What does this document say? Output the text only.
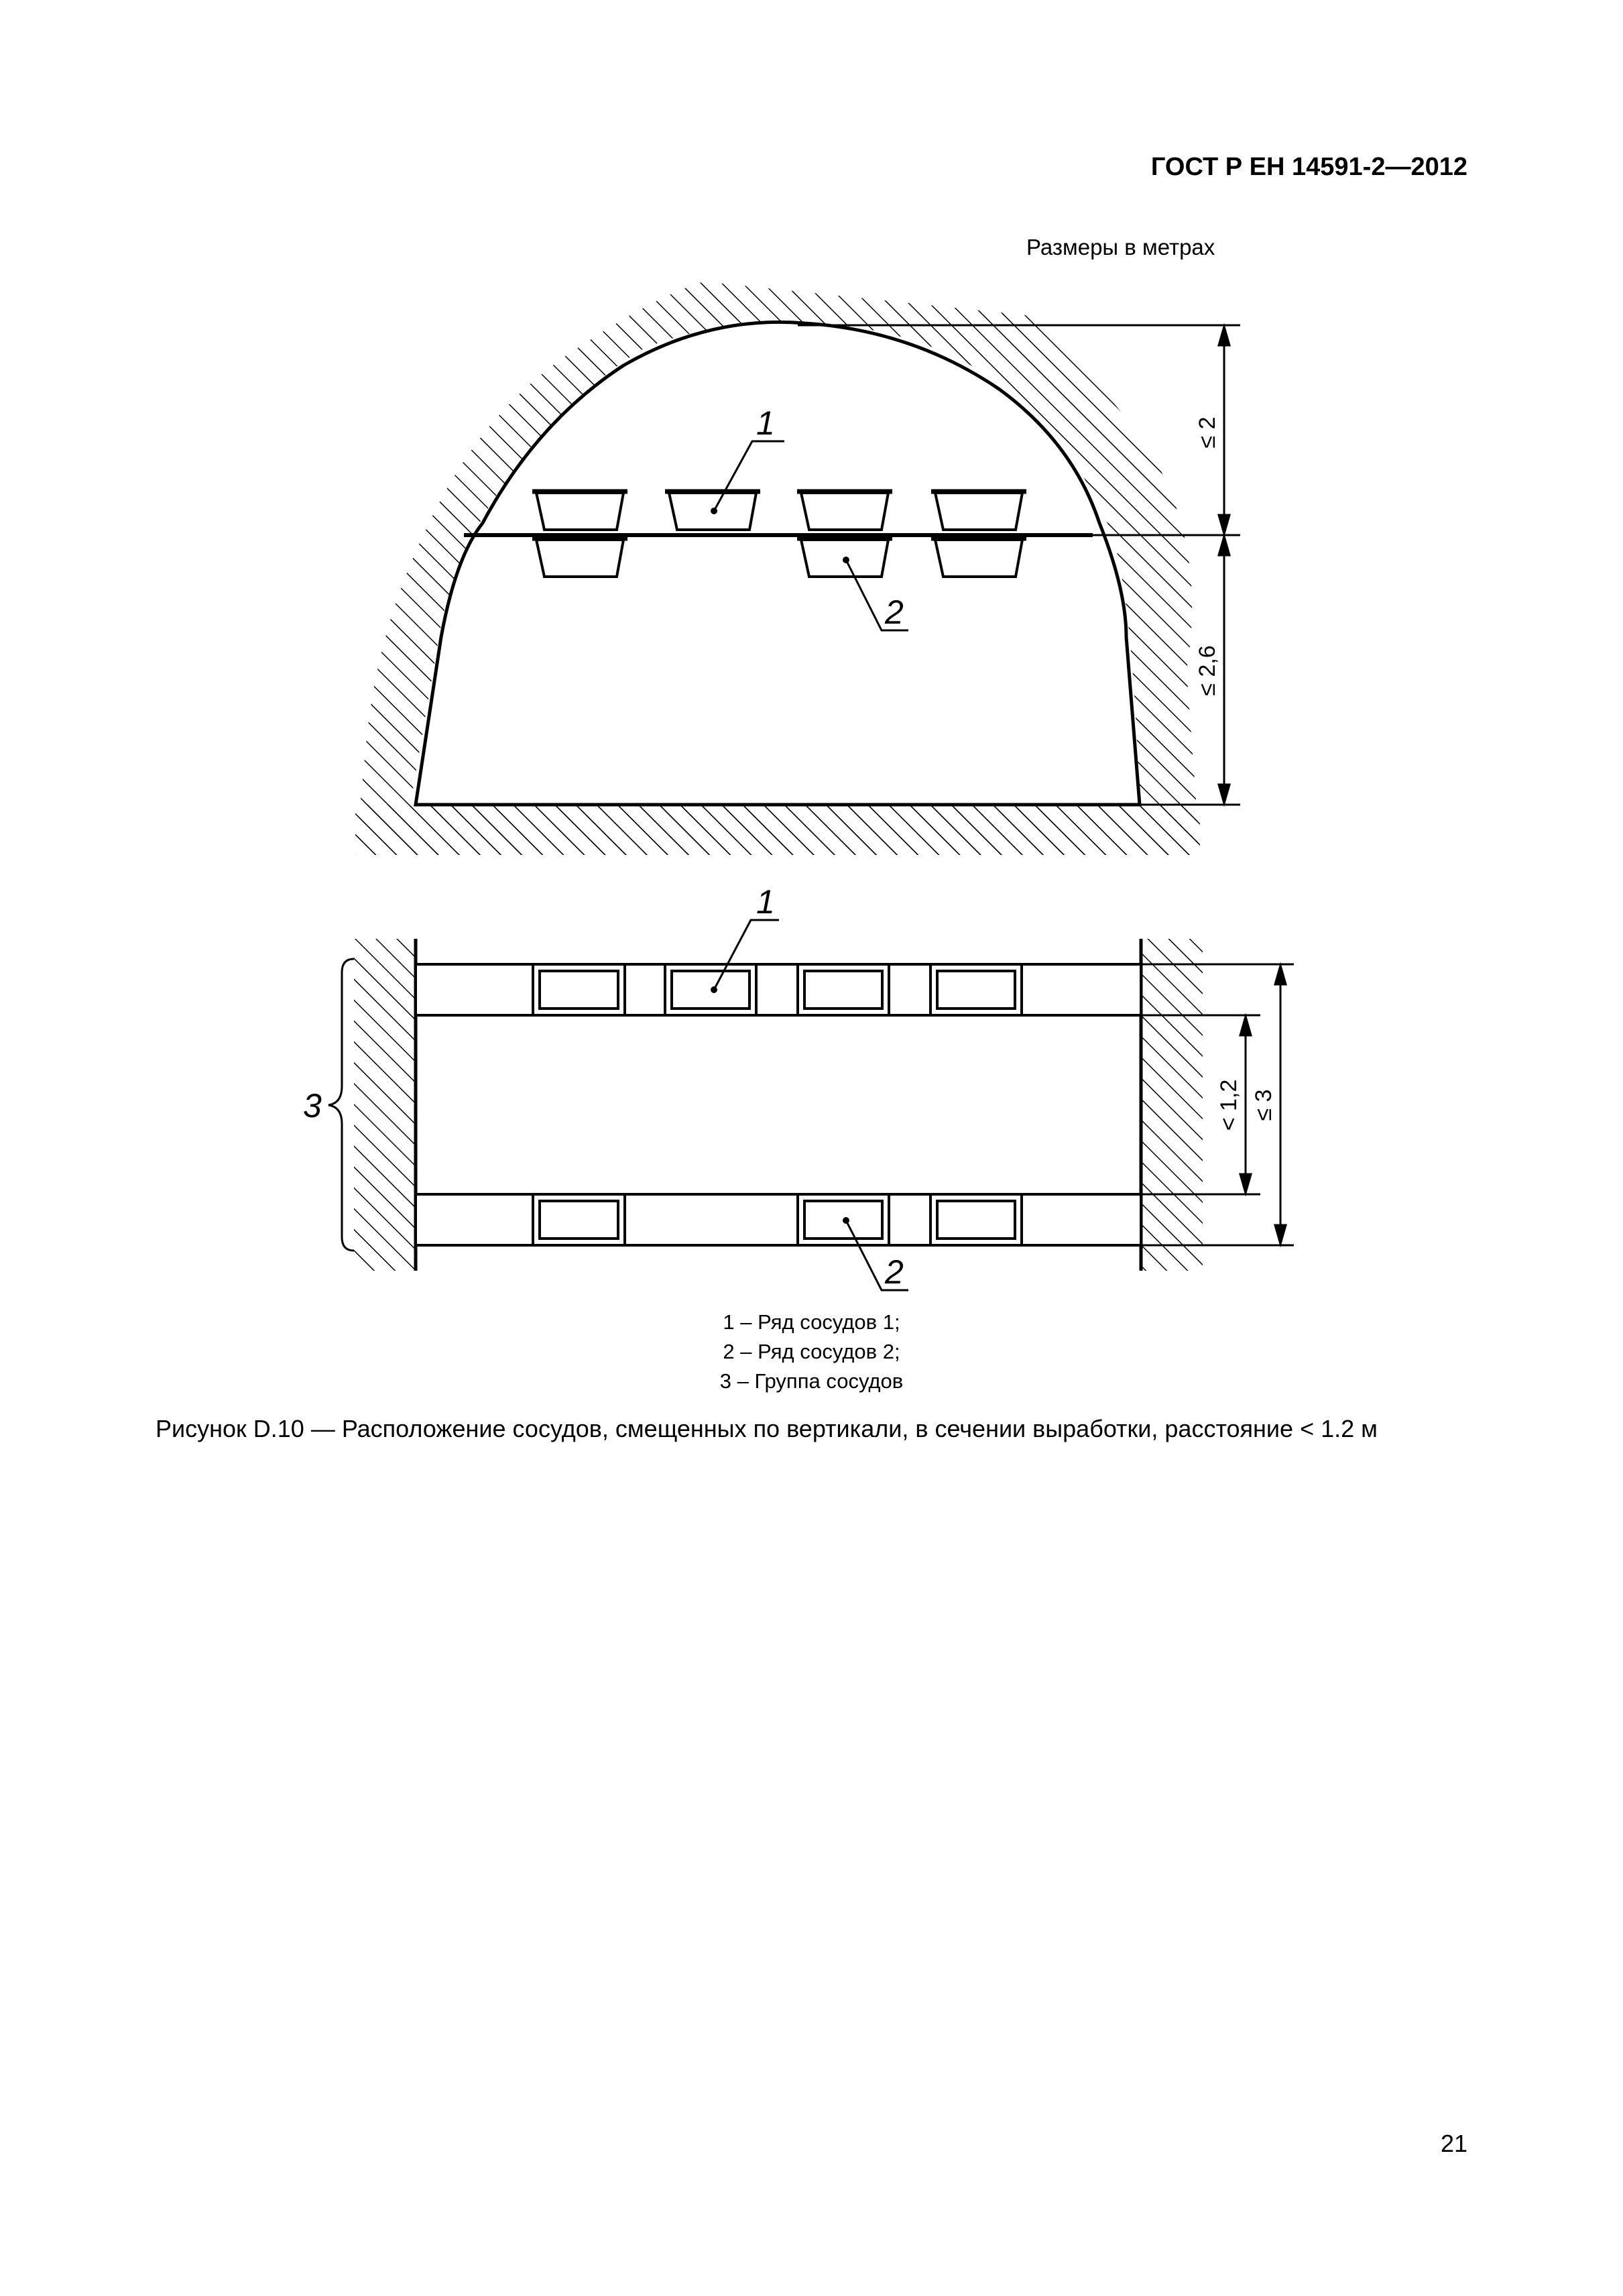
ГОСТ Р ЕН 14591-2—2012
Размеры в метрах
1
2
≤ 2
≤ 2,6
1
2
3	< 1,2 ≤ 3
1 – Ряд сосудов 1;
2 – Ряд сосудов 2;
3 – Группа сосудов
Рисунок D.10 — Расположение сосудов, смещенных по вертикали, в сечении выработки, расстояние < 1.2 м
21
